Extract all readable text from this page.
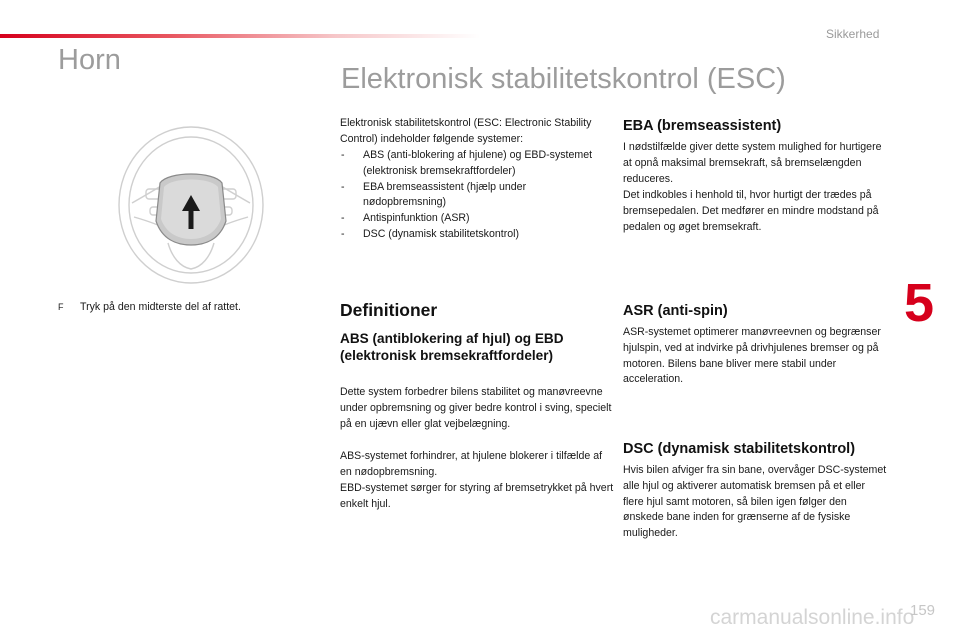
Sikkerhed
Horn
F Tryk på den midterste del af rattet.
Elektronisk stabilitetskontrol (ESC)

Elektronisk stabilitetskontrol (ESC: Electronic Stability Control) indeholder følgende systemer:

- ABS (anti-blokering af hjulene) og EBD-systemet (elektronisk bremsekraftfordeler)
- EBA bremseassistent (hjælp under nødopbremsning)
- Antispinfunktion (ASR)
- DSC (dynamisk stabilitetskontrol)
Definitioner
ABS (antiblokering af hjul) og EBD (elektronisk bremsekraftfordeler)

Dette system forbedrer bilens stabilitet og manøvreevne under opbremsning og giver bedre kontrol i sving, specielt på en ujævn eller glat vejbelægning.

ABS-systemet forhindrer, at hjulene blokerer i tilfælde af en nødopbremsning.

EBD-systemet sørger for styring af bremsetrykket på hvert enkelt hjul.

EBA (bremseassistent)

I nødstilfælde giver dette system mulighed for hurtigere at opnå maksimal bremsekraft, så bremselængden reduceres.

Det indkobles i henhold til, hvor hurtigt der trædes på bremsepedalen. Det medfører en mindre modstand på pedalen og øget bremsekraft.

ASR (anti-spin)

ASR-systemet optimerer manøvreevnen og begrænser hjulspin, ved at indvirke på drivhjulenes bremser og på motoren. Bilens bane bliver mere stabil under acceleration.

DSC (dynamisk stabilitetskontrol)

Hvis bilen afviger fra sin bane, overvåger DSC-systemet alle hjul og aktiverer automatisk bremsen på et eller flere hjul samt motoren, så bilen igen følger den ønskede bane inden for grænserne af de fysiske muligheder.

5
carmanualsonline.info
159
